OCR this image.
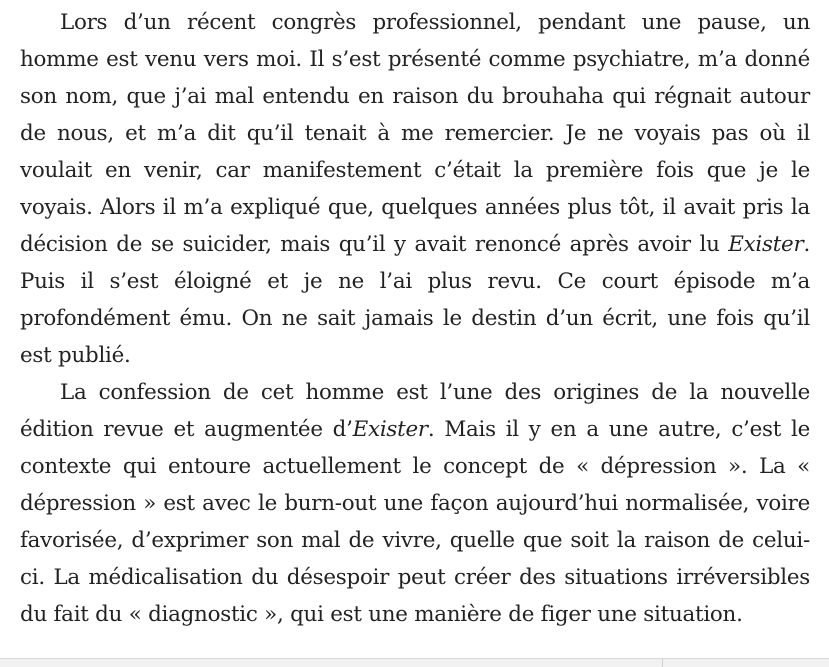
Lors d’un récent congrès professionnel, pendant une pause, un homme est venu vers moi. Il s’est présenté comme psychiatre, m’a donné son nom, que j’ai mal entendu en raison du brouhaha qui régnait autour de nous, et m’a dit qu’il tenait à me remercier. Je ne voyais pas où il voulait en venir, car manifestement c’était la première fois que je le voyais. Alors il m’a expliqué que, quelques années plus tôt, il avait pris la décision de se suicider, mais qu’il y avait renoncé après avoir lu Exister. Puis il s’est éloigné et je ne l’ai plus revu. Ce court épisode m’a profondément ému. On ne sait jamais le destin d’un écrit, une fois qu’il est publié.

La confession de cet homme est l’une des origines de la nouvelle édition revue et augmentée d’Exister. Mais il y en a une autre, c’est le contexte qui entoure actuellement le concept de « dépression ». La « dépression » est avec le burn-out une façon aujourd’hui normalisée, voire favorisée, d’exprimer son mal de vivre, quelle que soit la raison de celui-ci. La médicalisation du désespoir peut créer des situations irréversibles du fait du « diagnostic », qui est une manière de figer une situation.
